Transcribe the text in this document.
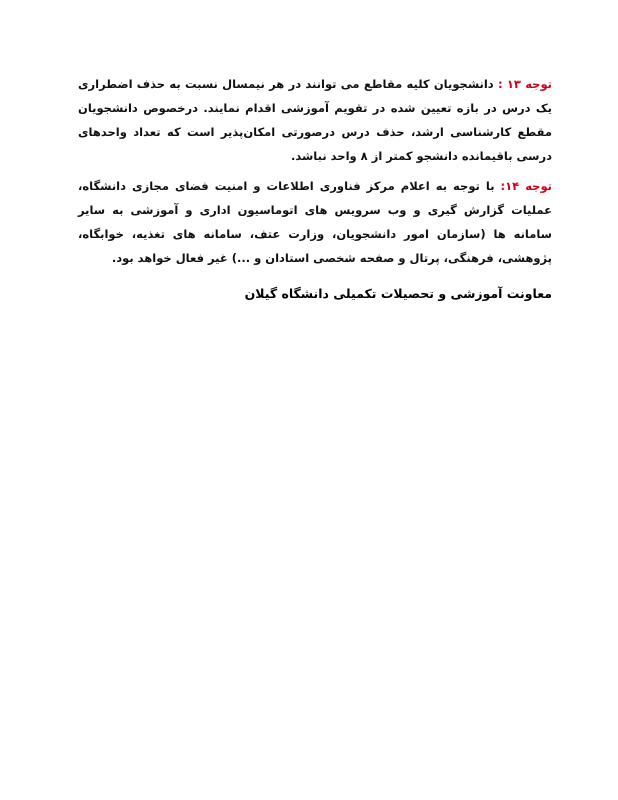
توجه ۱۳ : دانشجویان کلیه مقاطع می توانند در هر نیمسال نسبت به حذف اضطراری یک درس در بازه تعیین شده در تقویم آموزشی اقدام نمایند. درخصوص دانشجویان مقطع کارشناسی ارشد، حذف درس درصورتی امکان‌پذیر است که تعداد واحدهای درسی باقیمانده دانشجو کمتر از ۸ واحد نباشد.

توجه ۱۴: با توجه به اعلام مرکز فناوری اطلاعات و امنیت فضای مجازی دانشگاه، عملیات گزارش گیری و وب سرویس های اتوماسیون اداری و آموزشی به سایر سامانه ها (سازمان امور دانشجویان، وزارت عتف، سامانه های تغذیه، خوابگاه، پژوهشی، فرهنگی، پرتال و صفحه شخصی استادان و ...) غیر فعال خواهد بود.

معاونت آموزشی و تحصیلات تکمیلی دانشگاه گیلان
